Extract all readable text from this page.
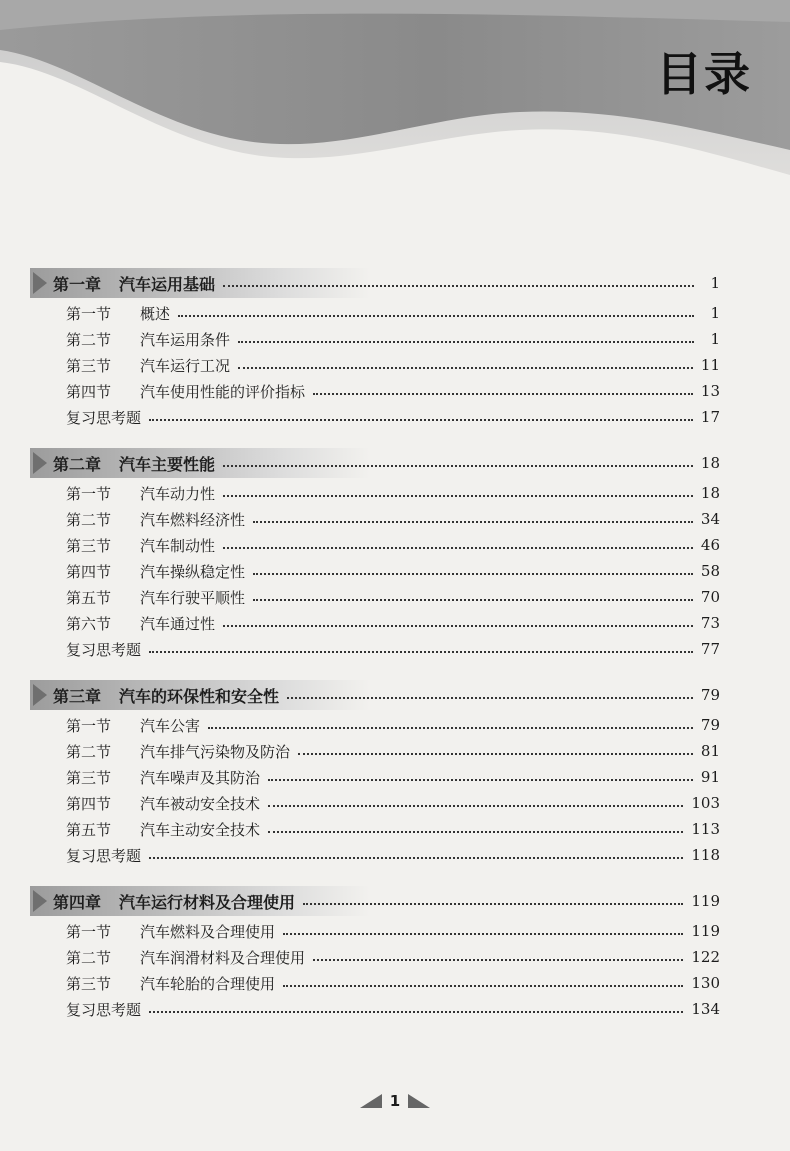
目录
第一章 汽车运用基础	1
第一节	概述	1
第二节	汽车运用条件	1
第三节	汽车运行工况	11
第四节	汽车使用性能的评价指标	13
复习思考题	17
第二章 汽车主要性能	18
第一节	汽车动力性	18
第二节	汽车燃料经济性	34
第三节	汽车制动性	46
第四节	汽车操纵稳定性	58
第五节	汽车行驶平顺性	70
第六节	汽车通过性	73
复习思考题	77
第三章 汽车的环保性和安全性	79
第一节	汽车公害	79
第二节	汽车排气污染物及防治	81
第三节	汽车噪声及其防治	91
第四节	汽车被动安全技术	103
第五节	汽车主动安全技术	113
复习思考题	118
第四章 汽车运行材料及合理使用	119
第一节	汽车燃料及合理使用	119
第二节	汽车润滑材料及合理使用	122
第三节	汽车轮胎的合理使用	130
复习思考题	134
1
